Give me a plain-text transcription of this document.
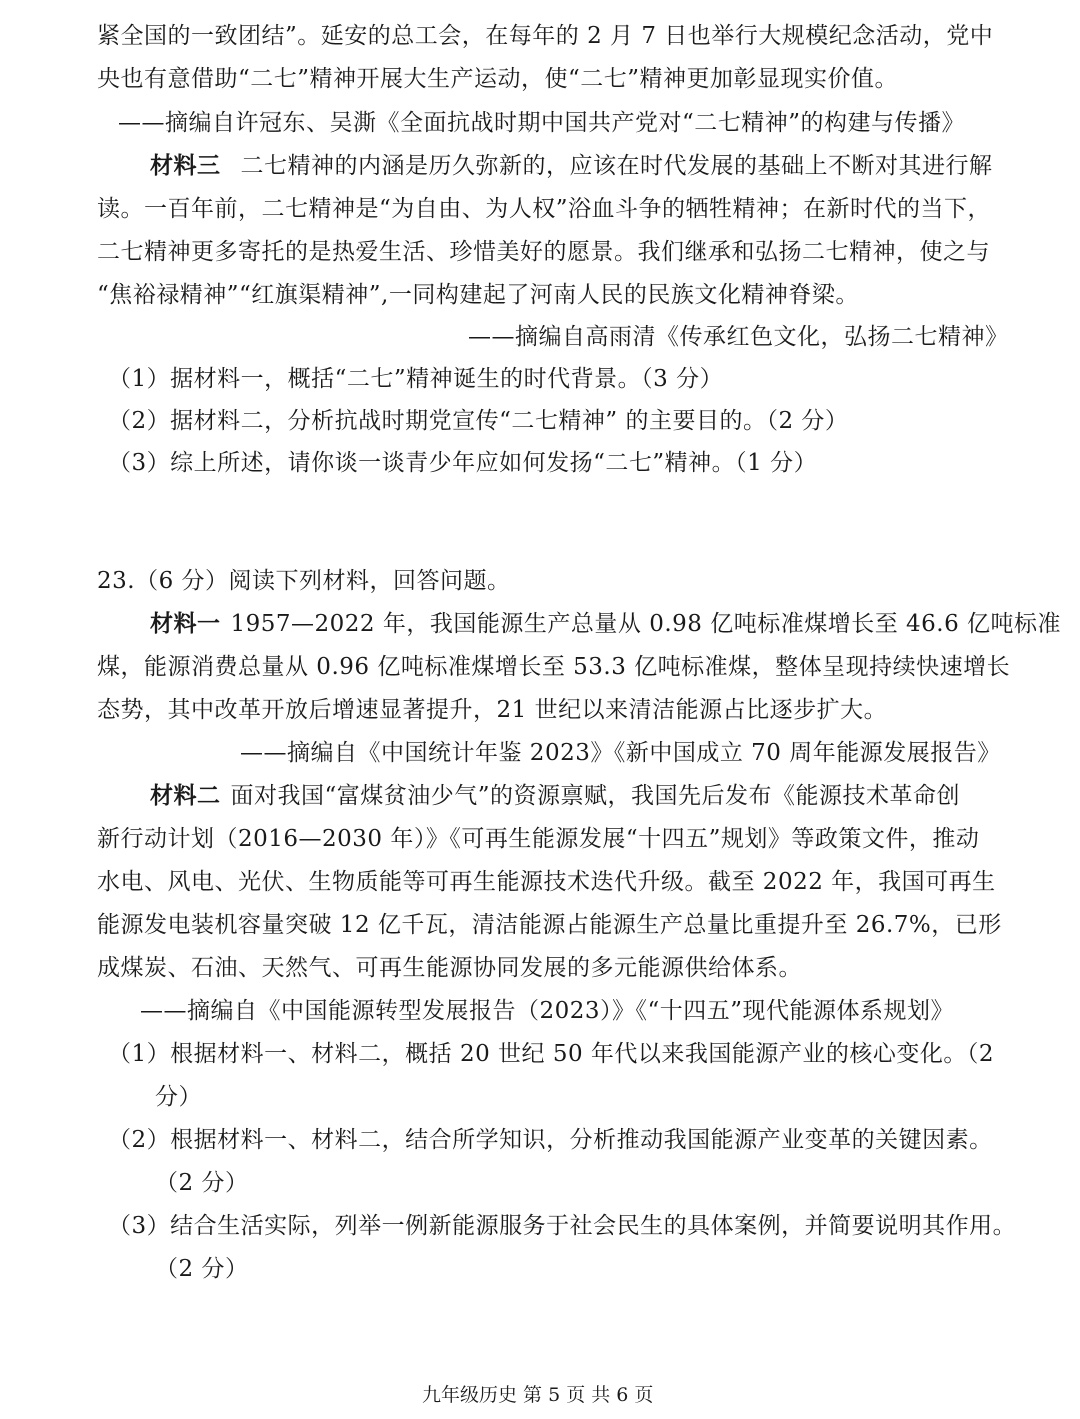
紧全国的一致团结”。延安的总工会，在每年的 2 月 7 日也举行大规模纪念活动，党中
央也有意借助“二七”精神开展大生产运动，使“二七”精神更加彰显现实价值。
——摘编自许冠东、吴澌《全面抗战时期中国共产党对“二七精神”的构建与传播》
材料三 二七精神的内涵是历久弥新的，应该在时代发展的基础上不断对其进行解
读。一百年前，二七精神是“为自由、为人权”浴血斗争的牺牲精神；在新时代的当下，
二七精神更多寄托的是热爱生活、珍惜美好的愿景。我们继承和弘扬二七精神，使之与
“焦裕禄精神”“红旗渠精神”,一同构建起了河南人民的民族文化精神脊梁。
——摘编自高雨清《传承红色文化，弘扬二七精神》
（1）据材料一，概括“二七”精神诞生的时代背景。（3 分）
（2）据材料二，分析抗战时期党宣传“二七精神” 的主要目的。（2 分）
（3）综上所述，请你谈一谈青少年应如何发扬“二七”精神。（1 分）
23.（6 分）阅读下列材料，回答问题。
材料一 1957—2022 年，我国能源生产总量从 0.98 亿吨标准煤增长至 46.6 亿吨标准
煤，能源消费总量从 0.96 亿吨标准煤增长至 53.3 亿吨标准煤，整体呈现持续快速增长
态势，其中改革开放后增速显著提升，21 世纪以来清洁能源占比逐步扩大。
——摘编自《中国统计年鉴 2023》《新中国成立 70 周年能源发展报告》
材料二 面对我国“富煤贫油少气”的资源禀赋，我国先后发布《能源技术革命创
新行动计划（2016—2030 年）》《可再生能源发展“十四五”规划》等政策文件，推动
水电、风电、光伏、生物质能等可再生能源技术迭代升级。截至 2022 年，我国可再生
能源发电装机容量突破 12 亿千瓦，清洁能源占能源生产总量比重提升至 26.7%，已形
成煤炭、石油、天然气、可再生能源协同发展的多元能源供给体系。
——摘编自《中国能源转型发展报告（2023）》《“十四五”现代能源体系规划》
（1）根据材料一、材料二，概括 20 世纪 50 年代以来我国能源产业的核心变化。（2
分）
（2）根据材料一、材料二，结合所学知识，分析推动我国能源产业变革的关键因素。
（2 分）
（3）结合生活实际，列举一例新能源服务于社会民生的具体案例，并简要说明其作用。
（2 分）
九年级历史 第 5 页 共 6 页
